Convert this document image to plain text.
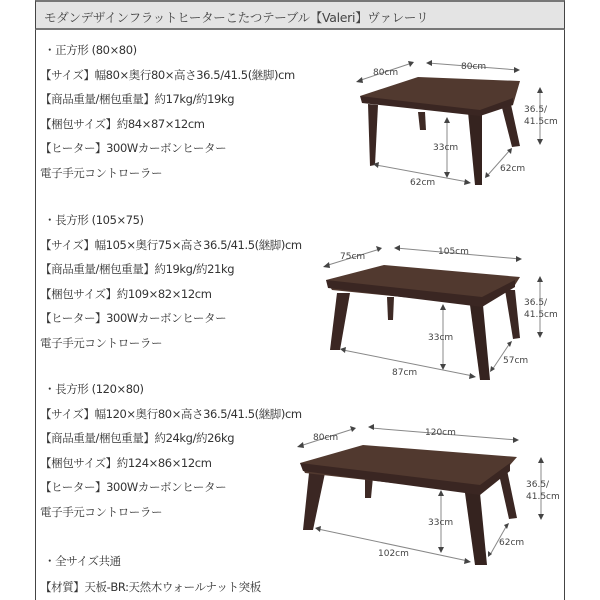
モダンデザインフラットヒーターこたつテーブル【Valeri】ヴァレーリ
・正方形 (80×80)
【サイズ】幅80×奥行80×高さ36.5/41.5(継脚)cm
【商品重量/梱包重量】約17kg/約19kg
【梱包サイズ】約84×87×12cm
【ヒーター】300Wカーボンヒーター
電子手元コントローラー
80cm
80cm
36.5/
41.5cm
33cm
62cm
62cm
・長方形 (105×75)
【サイズ】幅105×奥行75×高さ36.5/41.5(継脚)cm
【商品重量/梱包重量】約19kg/約21kg
【梱包サイズ】約109×82×12cm
【ヒーター】300Wカーボンヒーター
電子手元コントローラー
75cm	105cm
36.5/
41.5cm
33cm
87cm
57cm
・長方形 (120×80)
【サイズ】幅120×奥行80×高さ36.5/41.5(継脚)cm
【商品重量/梱包重量】約24kg/約26kg
【梱包サイズ】約124×86×12cm
【ヒーター】300Wカーボンヒーター
電子手元コントローラー
80cm	120cm
36.5/
41.5cm
33cm
102cm
62cm
・全サイズ共通
【材質】天板-BR:天然木ウォールナット突板
